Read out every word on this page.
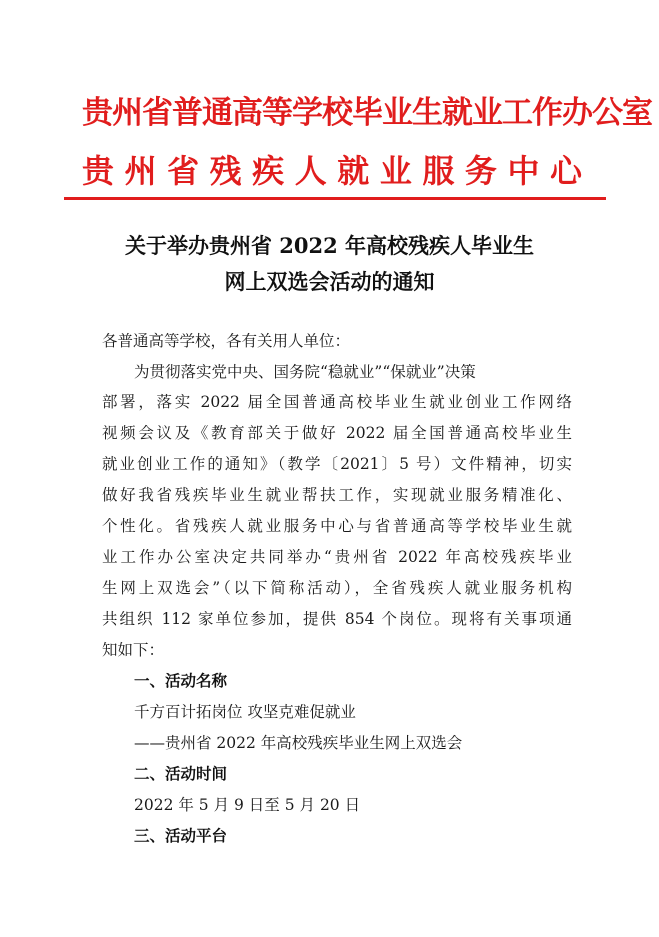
贵州省普通高等学校毕业生就业工作办公室
贵州省残疾人就业服务中心
关于举办贵州省 2022 年高校残疾人毕业生
网上双选会活动的通知
各普通高等学校，各有关用人单位：
为贯彻落实党中央、国务院“稳就业”“保就业”决策
部署，落实 2022 届全国普通高校毕业生就业创业工作网络
视频会议及《教育部关于做好 2022 届全国普通高校毕业生
就业创业工作的通知》（教学〔2021〕5 号）文件精神，切实
做好我省残疾毕业生就业帮扶工作，实现就业服务精准化、
个性化。省残疾人就业服务中心与省普通高等学校毕业生就
业工作办公室决定共同举办“贵州省 2022 年高校残疾毕业
生网上双选会”（以下简称活动），全省残疾人就业服务机构
共组织 112 家单位参加，提供 854 个岗位。现将有关事项通
知如下：
一、活动名称
千方百计拓岗位 攻坚克难促就业
——贵州省 2022 年高校残疾毕业生网上双选会
二、活动时间
2022 年 5 月 9 日至 5 月 20 日
三、活动平台
